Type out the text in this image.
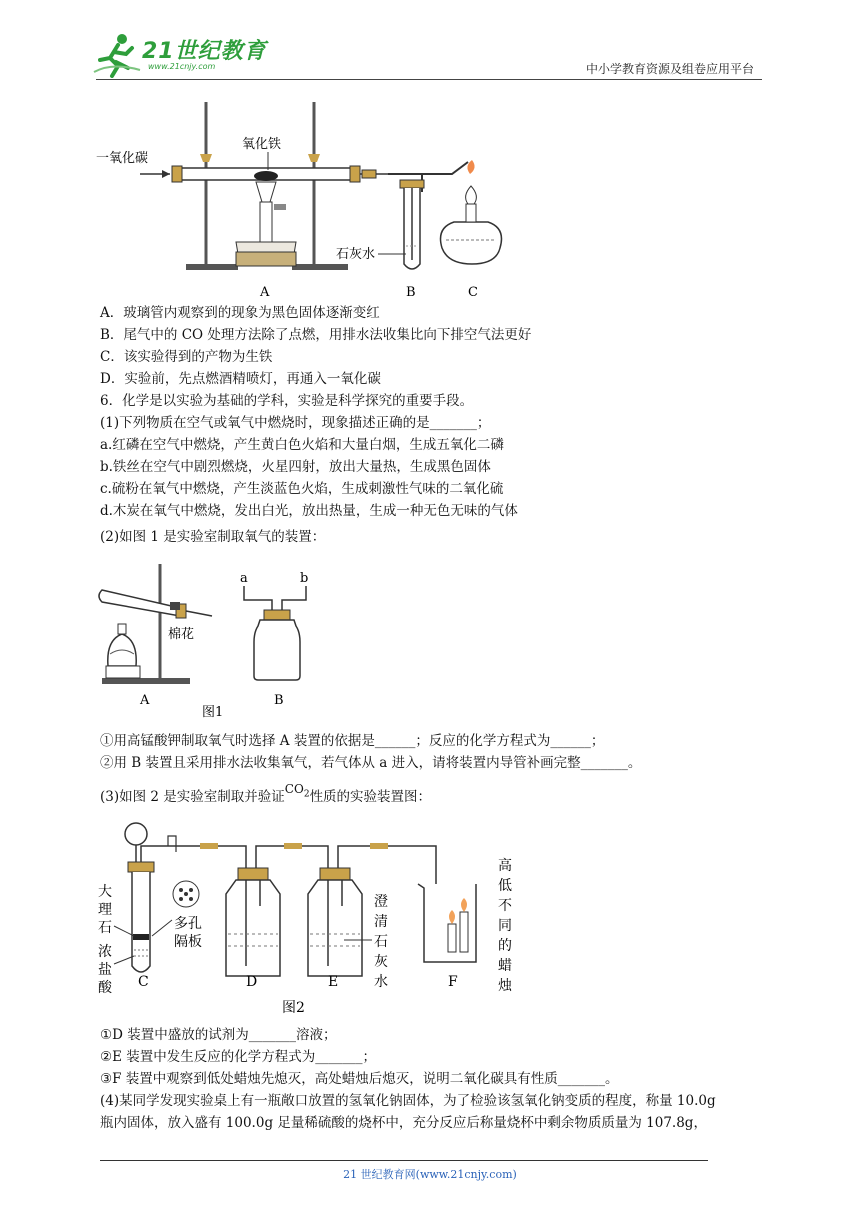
21世纪教育
www.21cnjy.com	中小学教育资源及组卷应用平台
一氧化碳
氧化铁
石灰水
A	B	C
A．玻璃管内观察到的现象为黑色固体逐渐变红
B．尾气中的 CO 处理方法除了点燃，用排水法收集比向下排空气法更好
C．该实验得到的产物为生铁
D．实验前，先点燃酒精喷灯，再通入一氧化碳
6．化学是以实验为基础的学科，实验是科学探究的重要手段。
(1)下列物质在空气或氧气中燃烧时，现象描述正确的是_______；
a.红磷在空气中燃烧，产生黄白色火焰和大量白烟，生成五氧化二磷
b.铁丝在空气中剧烈燃烧，火星四射，放出大量热，生成黑色固体
c.硫粉在氧气中燃烧，产生淡蓝色火焰，生成刺激性气味的二氧化硫
d.木炭在氧气中燃烧，发出白光，放出热量，生成一种无色无味的气体
(2)如图 1 是实验室制取氧气的装置：
棉花
A
a	b
B
图1
①用高锰酸钾制取氧气时选择 A 装置的依据是______；反应的化学方程式为______；
②用 B 装置且采用排水法收集氧气，若气体从 a 进入，请将装置内导管补画完整_______。
(3)如图 2 是实验室制取并验证$CO_2$性质的实验装置图：
大
理
石
浓
盐
酸
多孔
隔板
C	D	E	F
澄
清
石
灰
水
高
低
不
同
的
蜡
烛
图2
①D 装置中盛放的试剂为_______溶液；
②E 装置中发生反应的化学方程式为_______；
③F 装置中观察到低处蜡烛先熄灭，高处蜡烛后熄灭，说明二氧化碳具有性质_______。
(4)某同学发现实验桌上有一瓶敞口放置的氢氧化钠固体，为了检验该氢氧化钠变质的程度，称量 10.0g
瓶内固体，放入盛有 100.0g 足量稀硫酸的烧杯中，充分反应后称量烧杯中剩余物质质量为 107.8g，
21 世纪教育网(www.21cnjy.com)
